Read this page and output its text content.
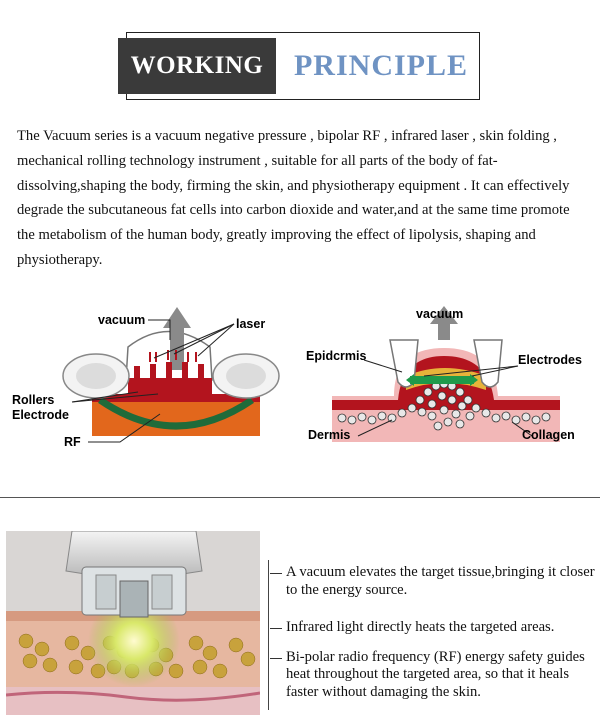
WORKING	PRINCIPLE
The Vacuum series is a vacuum negative pressure , bipolar RF , infrared laser , skin folding , mechanical rolling technology instrument , suitable for all parts of the body of fat-dissolving,shaping the body, firming the skin, and physiotherapy equipment . It can effectively degrade the subcutaneous fat cells into carbon dioxide and water,and at the same time promote the metabolism of the human body, greatly improving the effect of lipolysis, shaping and physiotherapy.
vacuum	laser
Rollers
Electrode
RF
vacuum
Epidcrmis	Electrodes
Dermis	Collagen
A vacuum elevates the target tissue,bringing it closer to the energy source.
Infrared light directly heats the targeted areas.
Bi-polar radio frequency (RF) energy safety guides heat throughout the targeted area, so that it heals faster without damaging the skin.
